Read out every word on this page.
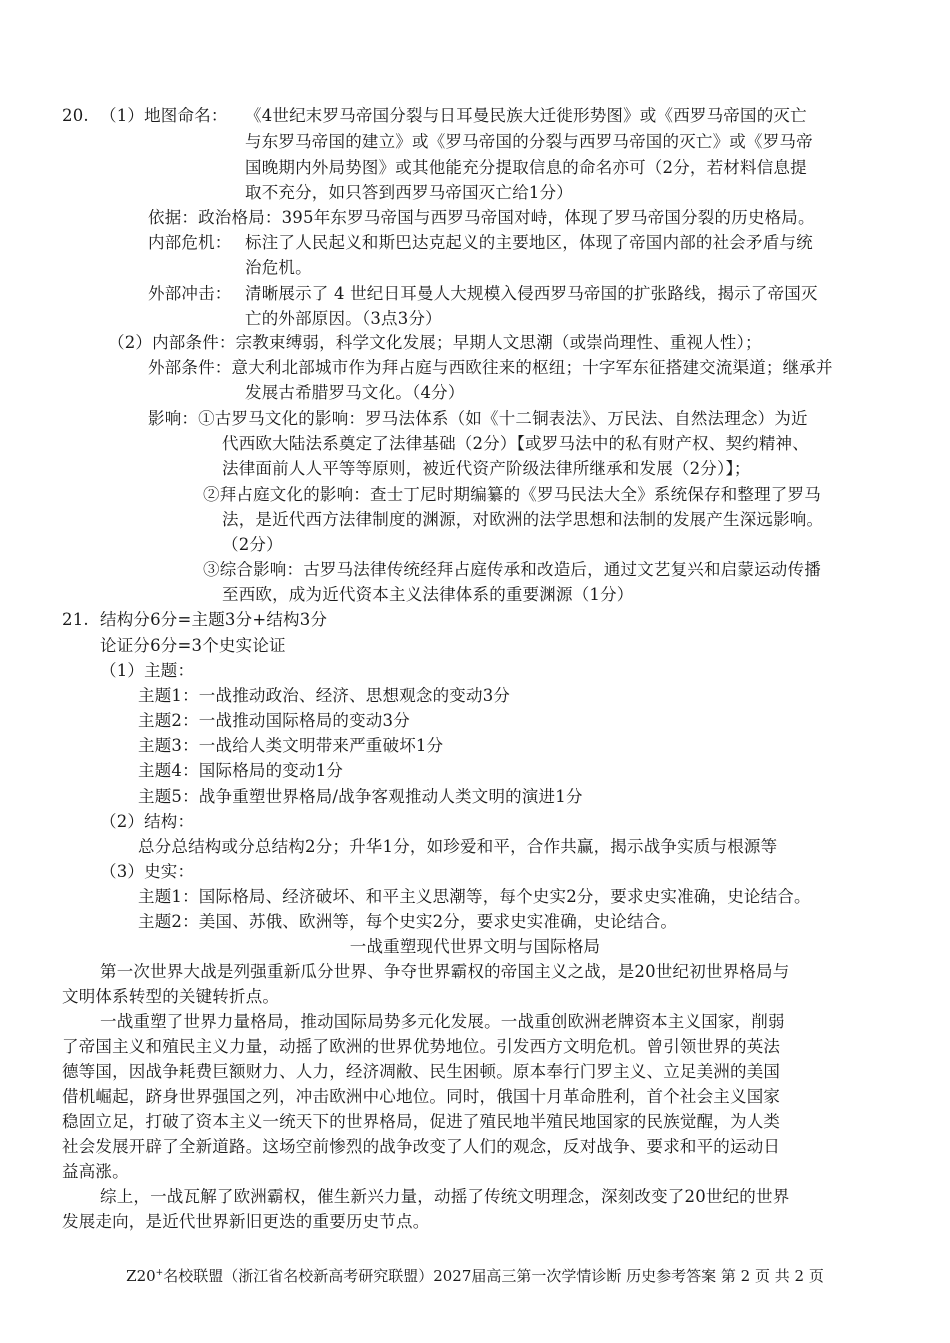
20. （1）地图命名： 《4世纪末罗马帝国分裂与日耳曼民族大迁徙形势图》或《西罗马帝国的灭亡
与东罗马帝国的建立》或《罗马帝国的分裂与西罗马帝国的灭亡》或《罗马帝
国晚期内外局势图》或其他能充分提取信息的命名亦可（2分，若材料信息提
取不充分，如只答到西罗马帝国灭亡给1分）
依据：政治格局：395年东罗马帝国与西罗马帝国对峙，体现了罗马帝国分裂的历史格局。
内部危机： 标注了人民起义和斯巴达克起义的主要地区，体现了帝国内部的社会矛盾与统
治危机。
外部冲击： 清晰展示了 4 世纪日耳曼人大规模入侵西罗马帝国的扩张路线，揭示了帝国灭
亡的外部原因。（3点3分）
（2）内部条件：宗教束缚弱，科学文化发展；早期人文思潮（或崇尚理性、重视人性）；
外部条件：意大利北部城市作为拜占庭与西欧往来的枢纽；十字军东征搭建交流渠道；继承并
发展古希腊罗马文化。（4分）
影响：①古罗马文化的影响：罗马法体系（如《十二铜表法》、万民法、自然法理念）为近
代西欧大陆法系奠定了法律基础（2分）【或罗马法中的私有财产权、契约精神、
法律面前人人平等等原则，被近代资产阶级法律所继承和发展（2分）】；
②拜占庭文化的影响：查士丁尼时期编纂的《罗马民法大全》系统保存和整理了罗马
法，是近代西方法律制度的渊源，对欧洲的法学思想和法制的发展产生深远影响。
（2分）
③综合影响：古罗马法律传统经拜占庭传承和改造后，通过文艺复兴和启蒙运动传播
至西欧，成为近代资本主义法律体系的重要渊源（1分）
21. 结构分6分=主题3分+结构3分
论证分6分=3个史实论证
（1）主题：
主题1：一战推动政治、经济、思想观念的变动3分
主题2：一战推动国际格局的变动3分
主题3：一战给人类文明带来严重破坏1分
主题4：国际格局的变动1分
主题5：战争重塑世界格局/战争客观推动人类文明的演进1分
（2）结构：
总分总结构或分总结构2分；升华1分，如珍爱和平，合作共赢，揭示战争实质与根源等
（3）史实：
主题1：国际格局、经济破坏、和平主义思潮等，每个史实2分，要求史实准确，史论结合。
主题2：美国、苏俄、欧洲等，每个史实2分，要求史实准确，史论结合。
一战重塑现代世界文明与国际格局
第一次世界大战是列强重新瓜分世界、争夺世界霸权的帝国主义之战，是20世纪初世界格局与
文明体系转型的关键转折点。
一战重塑了世界力量格局，推动国际局势多元化发展。一战重创欧洲老牌资本主义国家，削弱
了帝国主义和殖民主义力量，动摇了欧洲的世界优势地位。引发西方文明危机。曾引领世界的英法
德等国，因战争耗费巨额财力、人力，经济凋敝、民生困顿。原本奉行门罗主义、立足美洲的美国
借机崛起，跻身世界强国之列，冲击欧洲中心地位。同时，俄国十月革命胜利，首个社会主义国家
稳固立足，打破了资本主义一统天下的世界格局，促进了殖民地半殖民地国家的民族觉醒，为人类
社会发展开辟了全新道路。这场空前惨烈的战争改变了人们的观念，反对战争、要求和平的运动日
益高涨。
综上，一战瓦解了欧洲霸权，催生新兴力量，动摇了传统文明理念，深刻改变了20世纪的世界
发展走向，是近代世界新旧更迭的重要历史节点。
Z20+名校联盟（浙江省名校新高考研究联盟）2027届高三第一次学情诊断 历史参考答案 第 2 页 共 2 页
